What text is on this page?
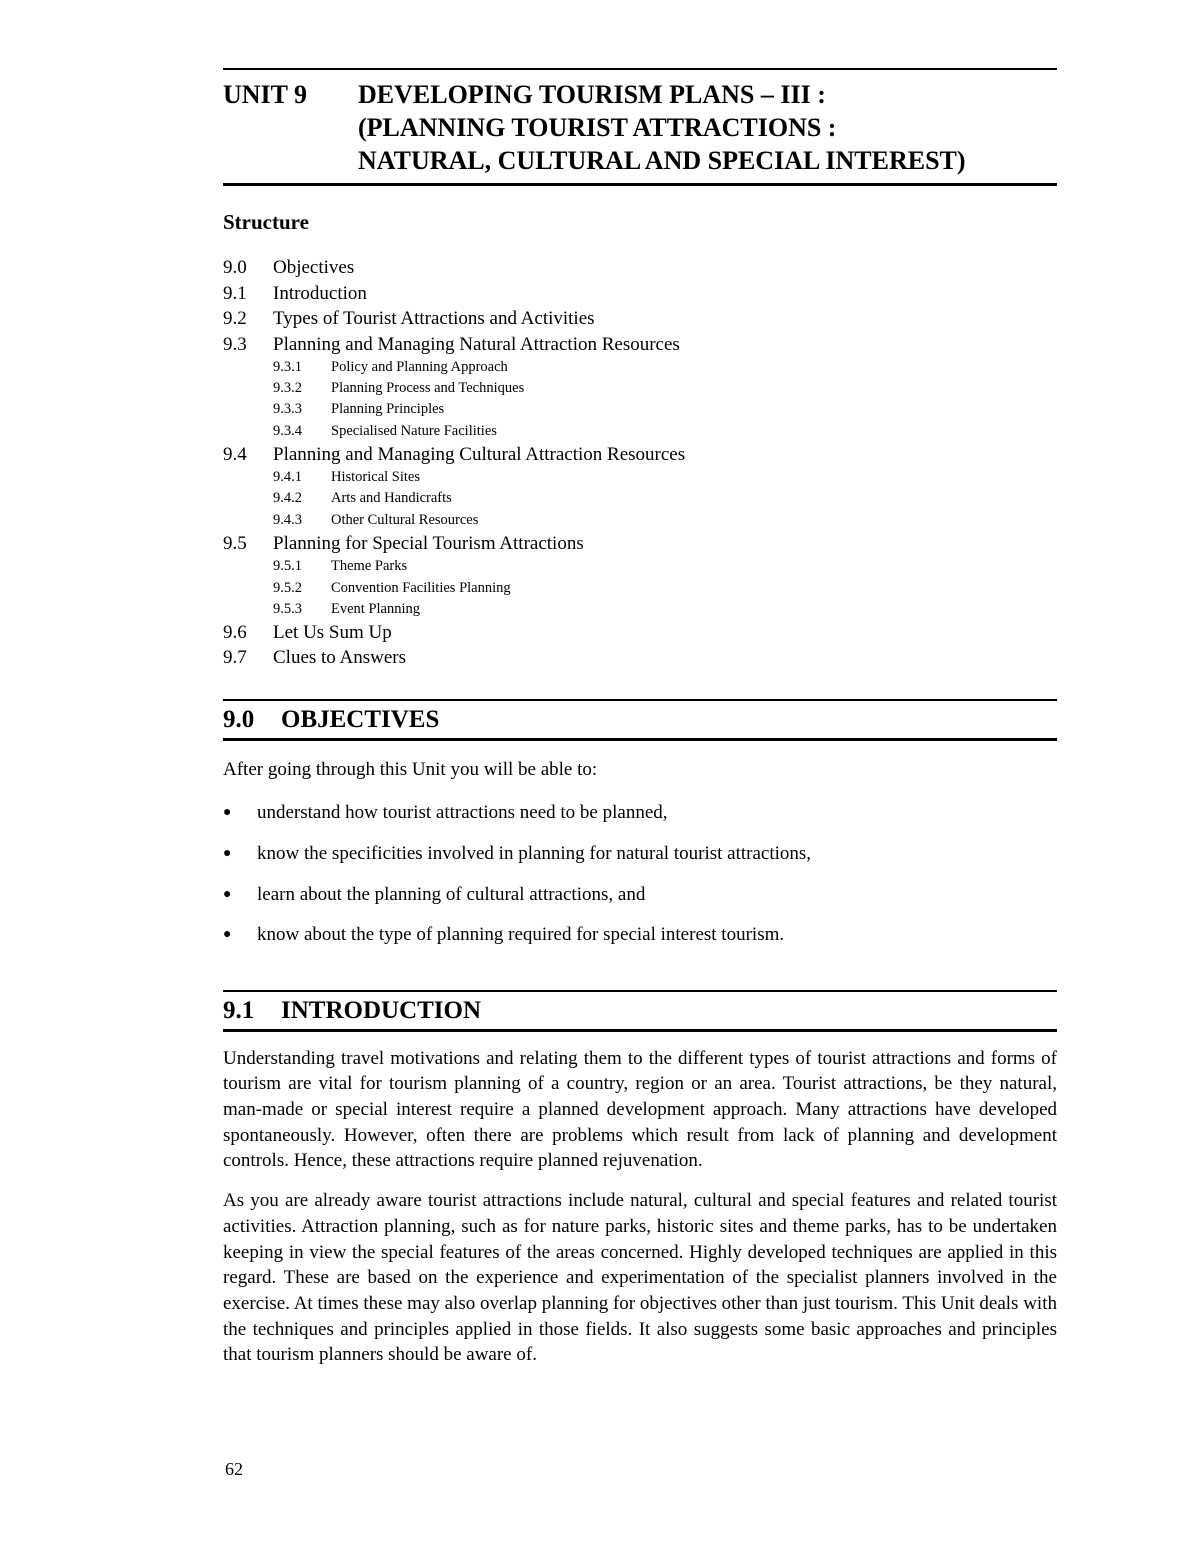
UNIT 9 DEVELOPING TOURISM PLANS – III :
(PLANNING TOURIST ATTRACTIONS :
NATURAL, CULTURAL AND SPECIAL INTEREST)
Structure
9.0	Objectives
9.1	Introduction
9.2	Types of Tourist Attractions and Activities
9.3	Planning and Managing Natural Attraction Resources
9.3.1	Policy and Planning Approach
9.3.2	Planning Process and Techniques
9.3.3	Planning Principles
9.3.4	Specialised Nature Facilities
9.4	Planning and Managing Cultural Attraction Resources
9.4.1	Historical Sites
9.4.2	Arts and Handicrafts
9.4.3	Other Cultural Resources
9.5	Planning for Special Tourism Attractions
9.5.1	Theme Parks
9.5.2	Convention Facilities Planning
9.5.3	Event Planning
9.6	Let Us Sum Up
9.7	Clues to Answers
9.0	OBJECTIVES

After going through this Unit you will be able to:

●	understand how tourist attractions need to be planned,
●	know the specificities involved in planning for natural tourist attractions,
●	learn about the planning of cultural attractions, and
●	know about the type of planning required for special interest tourism.
9.1	INTRODUCTION

Understanding travel motivations and relating them to the different types of tourist attractions and forms of tourism are vital for tourism planning of a country, region or an area. Tourist attractions, be they natural, man-made or special interest require a planned development approach. Many attractions have developed spontaneously. However, often there are problems which result from lack of planning and development controls. Hence, these attractions require planned rejuvenation.

As you are already aware tourist attractions include natural, cultural and special features and related tourist activities. Attraction planning, such as for nature parks, historic sites and theme parks, has to be undertaken keeping in view the special features of the areas concerned. Highly developed techniques are applied in this regard. These are based on the experience and experimentation of the specialist planners involved in the exercise. At times these may also overlap planning for objectives other than just tourism. This Unit deals with the techniques and principles applied in those fields. It also suggests some basic approaches and principles that tourism planners should be aware of.

62
